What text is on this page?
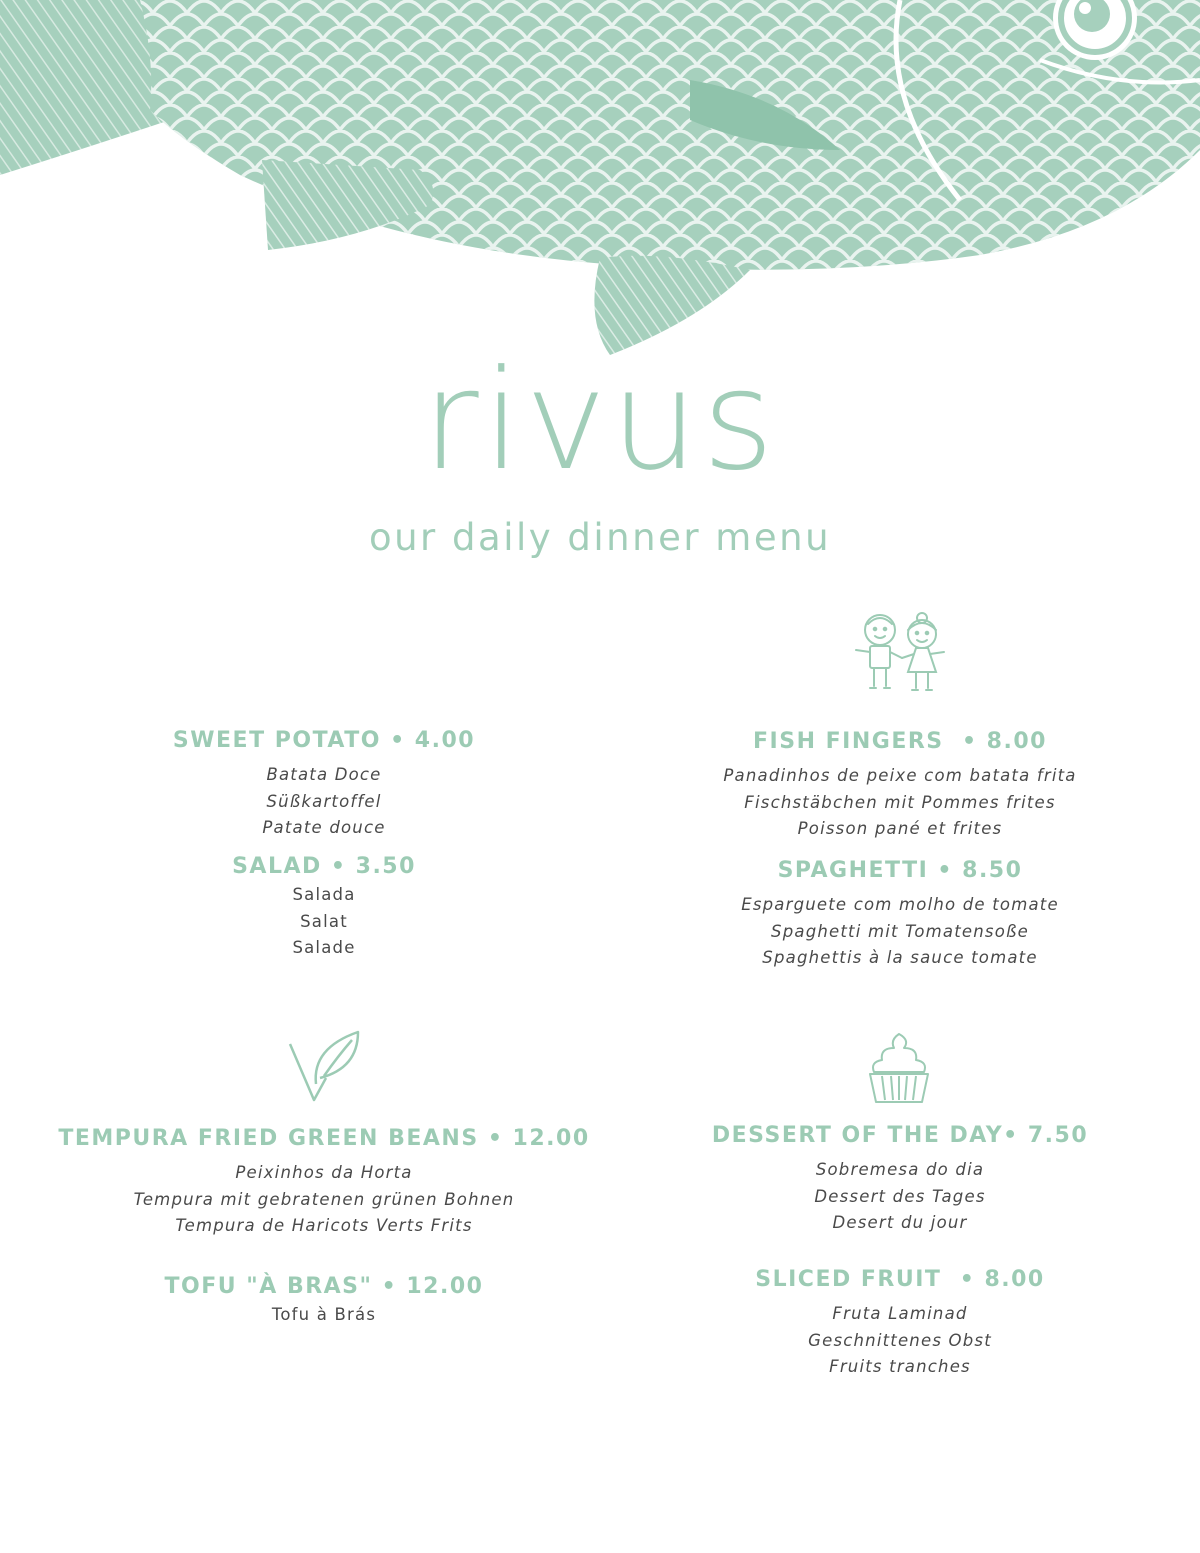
rivus
our daily dinner menu
SWEET POTATO • 4.00
Batata Doce
Süßkartoffel
Patate douce
SALAD • 3.50
Salada
Salat
Salade
FISH FINGERS  • 8.00
Panadinhos de peixe com batata frita
Fischstäbchen mit Pommes frites
Poisson pané et frites
SPAGHETTI • 8.50
Esparguete com molho de tomate
Spaghetti mit Tomatensoße
Spaghettis à la sauce tomate
TEMPURA FRIED GREEN BEANS • 12.00
Peixinhos da Horta
Tempura mit gebratenen grünen Bohnen
Tempura de Haricots Verts Frits
TOFU "À BRAS" • 12.00
Tofu à Brás
DESSERT OF THE DAY• 7.50
Sobremesa do dia
Dessert des Tages
Desert du jour
SLICED FRUIT  • 8.00
Fruta Laminad
Geschnittenes Obst
Fruits tranches
